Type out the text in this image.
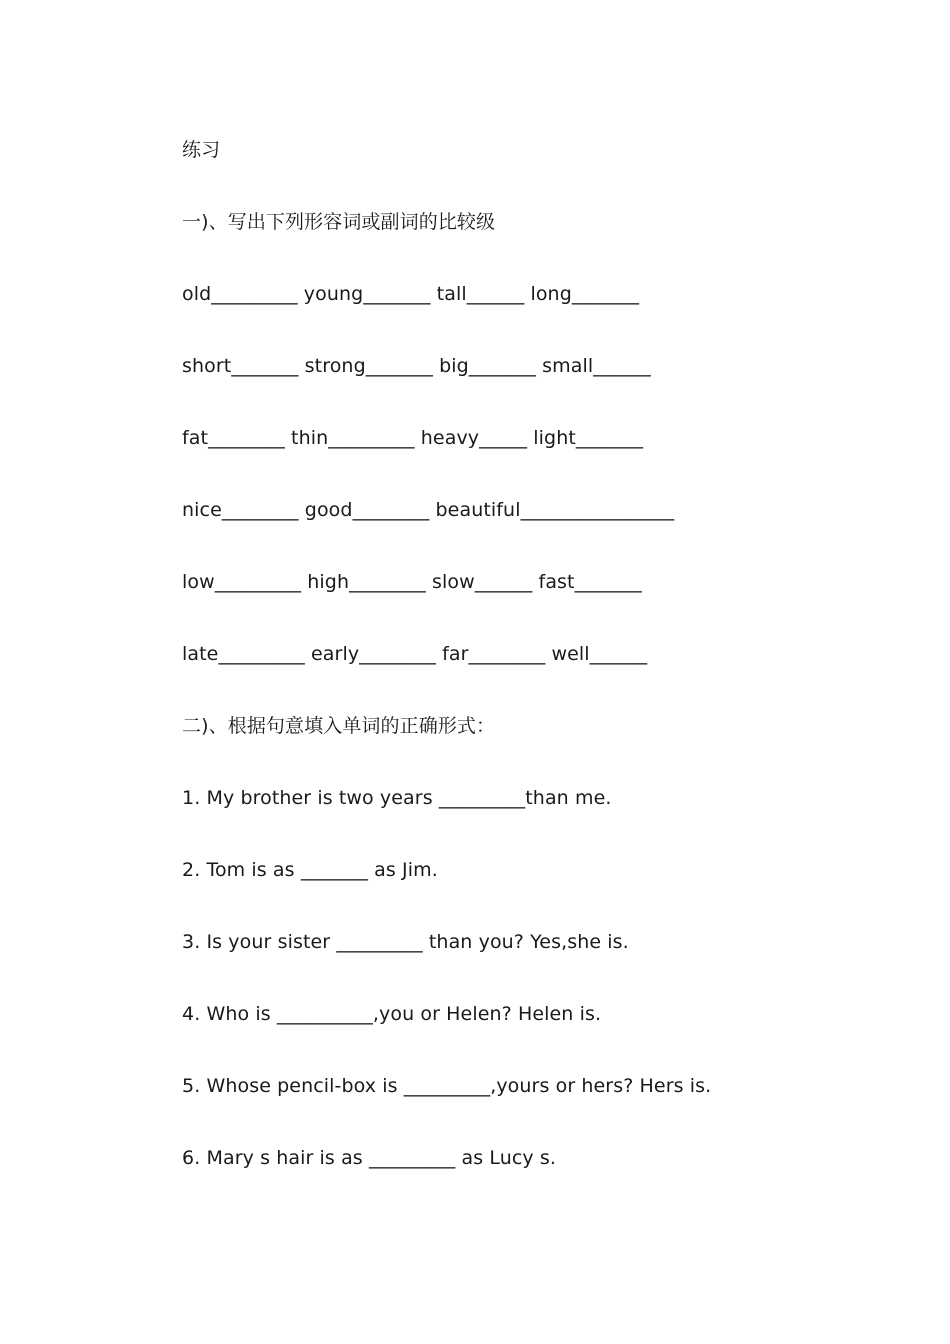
练习
一)、写出下列形容词或副词的比较级
old_________ young_______ tall______ long_______
short_______ strong_______ big_______ small______
fat________ thin_________ heavy_____ light_______
nice________ good________ beautiful________________
low_________ high________ slow______ fast_______
late_________ early________ far________ well______
二)、根据句意填入单词的正确形式：
1. My brother is two years _________than me.
2. Tom is as _______ as Jim.
3. Is your sister _________ than you? Yes,she is.
4. Who is __________,you or Helen? Helen is.
5. Whose pencil-box is _________,yours or hers? Hers is.
6. Mary s hair is as _________ as Lucy s.
